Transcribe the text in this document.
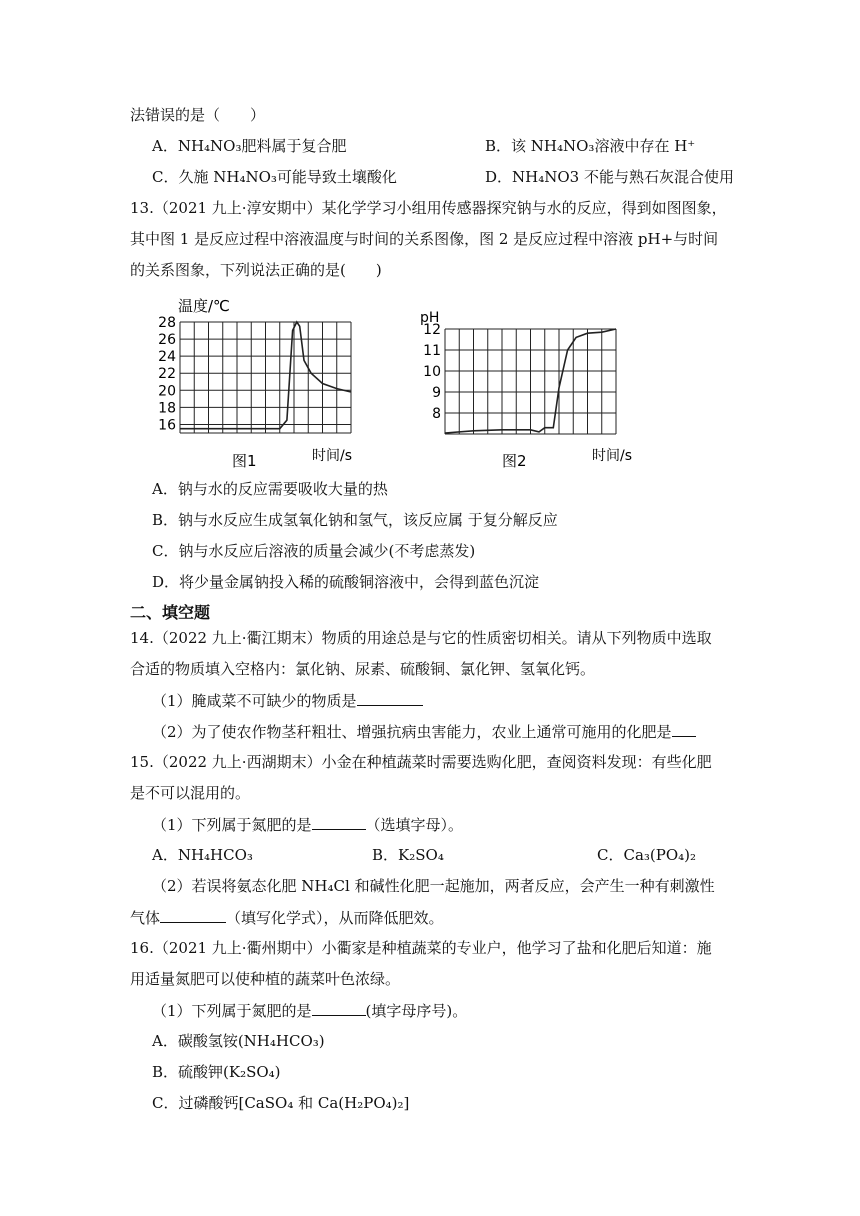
法错误的是（　　）
A．NH₄NO₃肥料属于复合肥	B．该 NH₄NO₃溶液中存在 H⁺
C．久施 NH₄NO₃可能导致土壤酸化	D．NH₄NO3 不能与熟石灰混合使用
13.（2021 九上·淳安期中）某化学学习小组用传感器探究钠与水的反应，得到如图图象，
其中图 1 是反应过程中溶液温度与时间的关系图像，图 2 是反应过程中溶液 pH+与时间
的关系图象，下列说法正确的是(　　)
温度/℃
16
18
20
22
24
26
28
时间/s
图1
pH
8
9
10
11
12
时间/s
图2
A．钠与水的反应需要吸收大量的热
B．钠与水反应生成氢氧化钠和氢气，该反应属 于复分解反应
C．钠与水反应后溶液的质量会减少(不考虑蒸发)
D．将少量金属钠投入稀的硫酸铜溶液中，会得到蓝色沉淀
二、填空题
14.（2022 九上·衢江期末）物质的用途总是与它的性质密切相关。请从下列物质中选取
合适的物质填入空格内：氯化钠、尿素、硫酸铜、氯化钾、氢氧化钙。
（1）腌咸菜不可缺少的物质是
（2）为了使农作物茎秆粗壮、增强抗病虫害能力，农业上通常可施用的化肥是
15.（2022 九上·西湖期末）小金在种植蔬菜时需要选购化肥，查阅资料发现：有些化肥
是不可以混用的。
（1）下列属于氮肥的是	（选填字母）。
A．NH₄HCO₃	B．K₂SO₄	C．Ca₃(PO₄)₂
（2）若误将氨态化肥 NH₄Cl 和碱性化肥一起施加，两者反应，会产生一种有刺激性
气体	（填写化学式），从而降低肥效。
16.（2021 九上·衢州期中）小衢家是种植蔬菜的专业户，他学习了盐和化肥后知道：施
用适量氮肥可以使种植的蔬菜叶色浓绿。
（1）下列属于氮肥的是	(填字母序号)。
A．碳酸氢铵(NH₄HCO₃)
B．硫酸钾(K₂SO₄)
C．过磷酸钙[CaSO₄ 和 Ca(H₂PO₄)₂]
